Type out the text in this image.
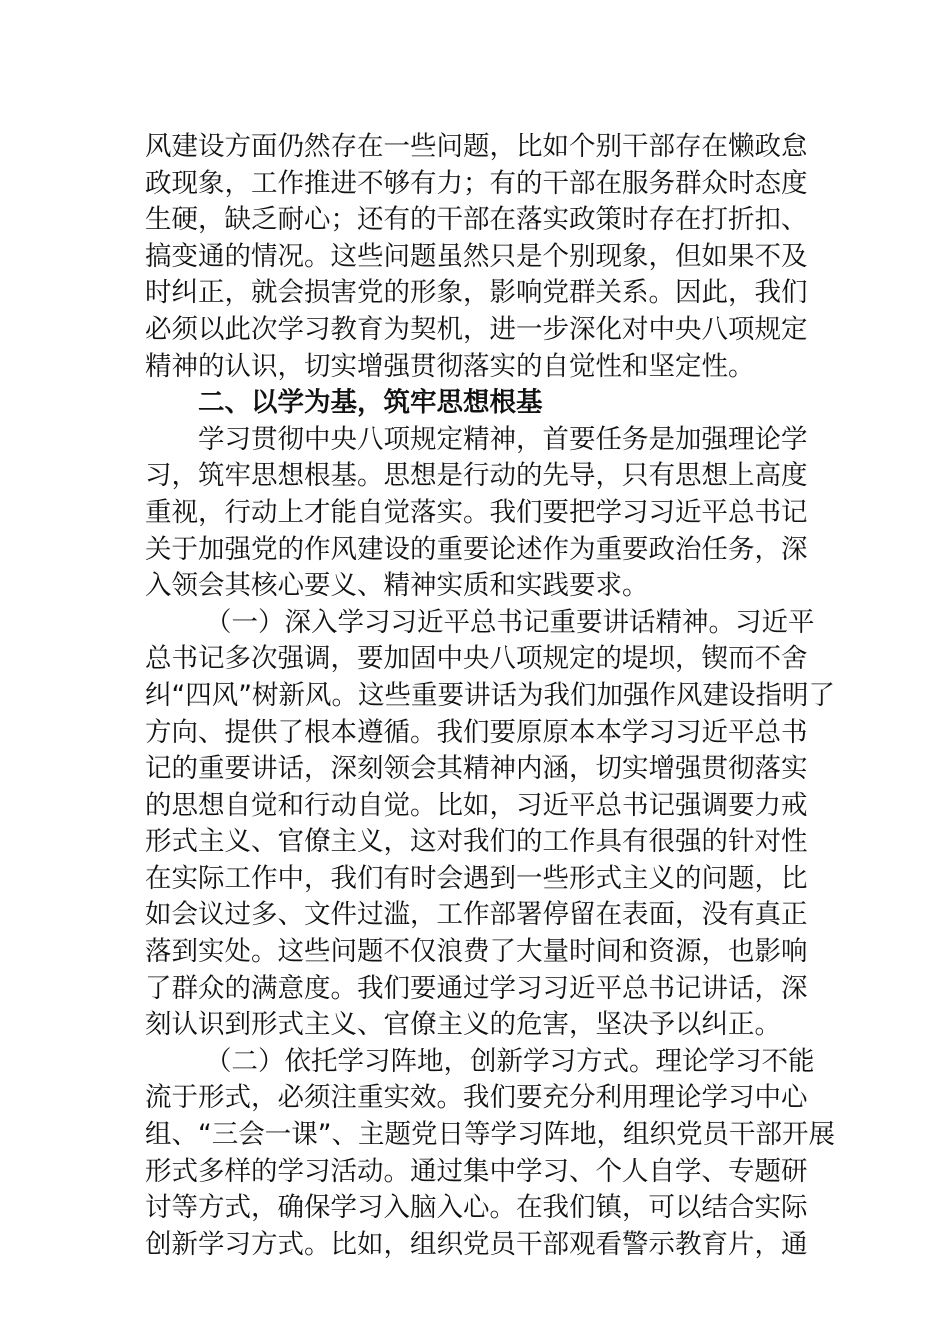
风建设方面仍然存在一些问题，比如个别干部存在懒政怠
政现象，工作推进不够有力；有的干部在服务群众时态度
生硬，缺乏耐心；还有的干部在落实政策时存在打折扣、
搞变通的情况。这些问题虽然只是个别现象，但如果不及
时纠正，就会损害党的形象，影响党群关系。因此，我们
必须以此次学习教育为契机，进一步深化对中央八项规定
精神的认识，切实增强贯彻落实的自觉性和坚定性。
二、以学为基，筑牢思想根基
学习贯彻中央八项规定精神，首要任务是加强理论学
习，筑牢思想根基。思想是行动的先导，只有思想上高度
重视，行动上才能自觉落实。我们要把学习习近平总书记
关于加强党的作风建设的重要论述作为重要政治任务，深
入领会其核心要义、精神实质和实践要求。
（一）深入学习习近平总书记重要讲话精神。习近平
总书记多次强调，要加固中央八项规定的堤坝，锲而不舍
纠“四风”树新风。这些重要讲话为我们加强作风建设指明了
方向、提供了根本遵循。我们要原原本本学习习近平总书
记的重要讲话，深刻领会其精神内涵，切实增强贯彻落实
的思想自觉和行动自觉。比如，习近平总书记强调要力戒
形式主义、官僚主义，这对我们的工作具有很强的针对性
在实际工作中，我们有时会遇到一些形式主义的问题，比
如会议过多、文件过滥，工作部署停留在表面，没有真正
落到实处。这些问题不仅浪费了大量时间和资源，也影响
了群众的满意度。我们要通过学习习近平总书记讲话，深
刻认识到形式主义、官僚主义的危害，坚决予以纠正。
（二）依托学习阵地，创新学习方式。理论学习不能
流于形式，必须注重实效。我们要充分利用理论学习中心
组、“三会一课”、主题党日等学习阵地，组织党员干部开展
形式多样的学习活动。通过集中学习、个人自学、专题研
讨等方式，确保学习入脑入心。在我们镇，可以结合实际
创新学习方式。比如，组织党员干部观看警示教育片，通
